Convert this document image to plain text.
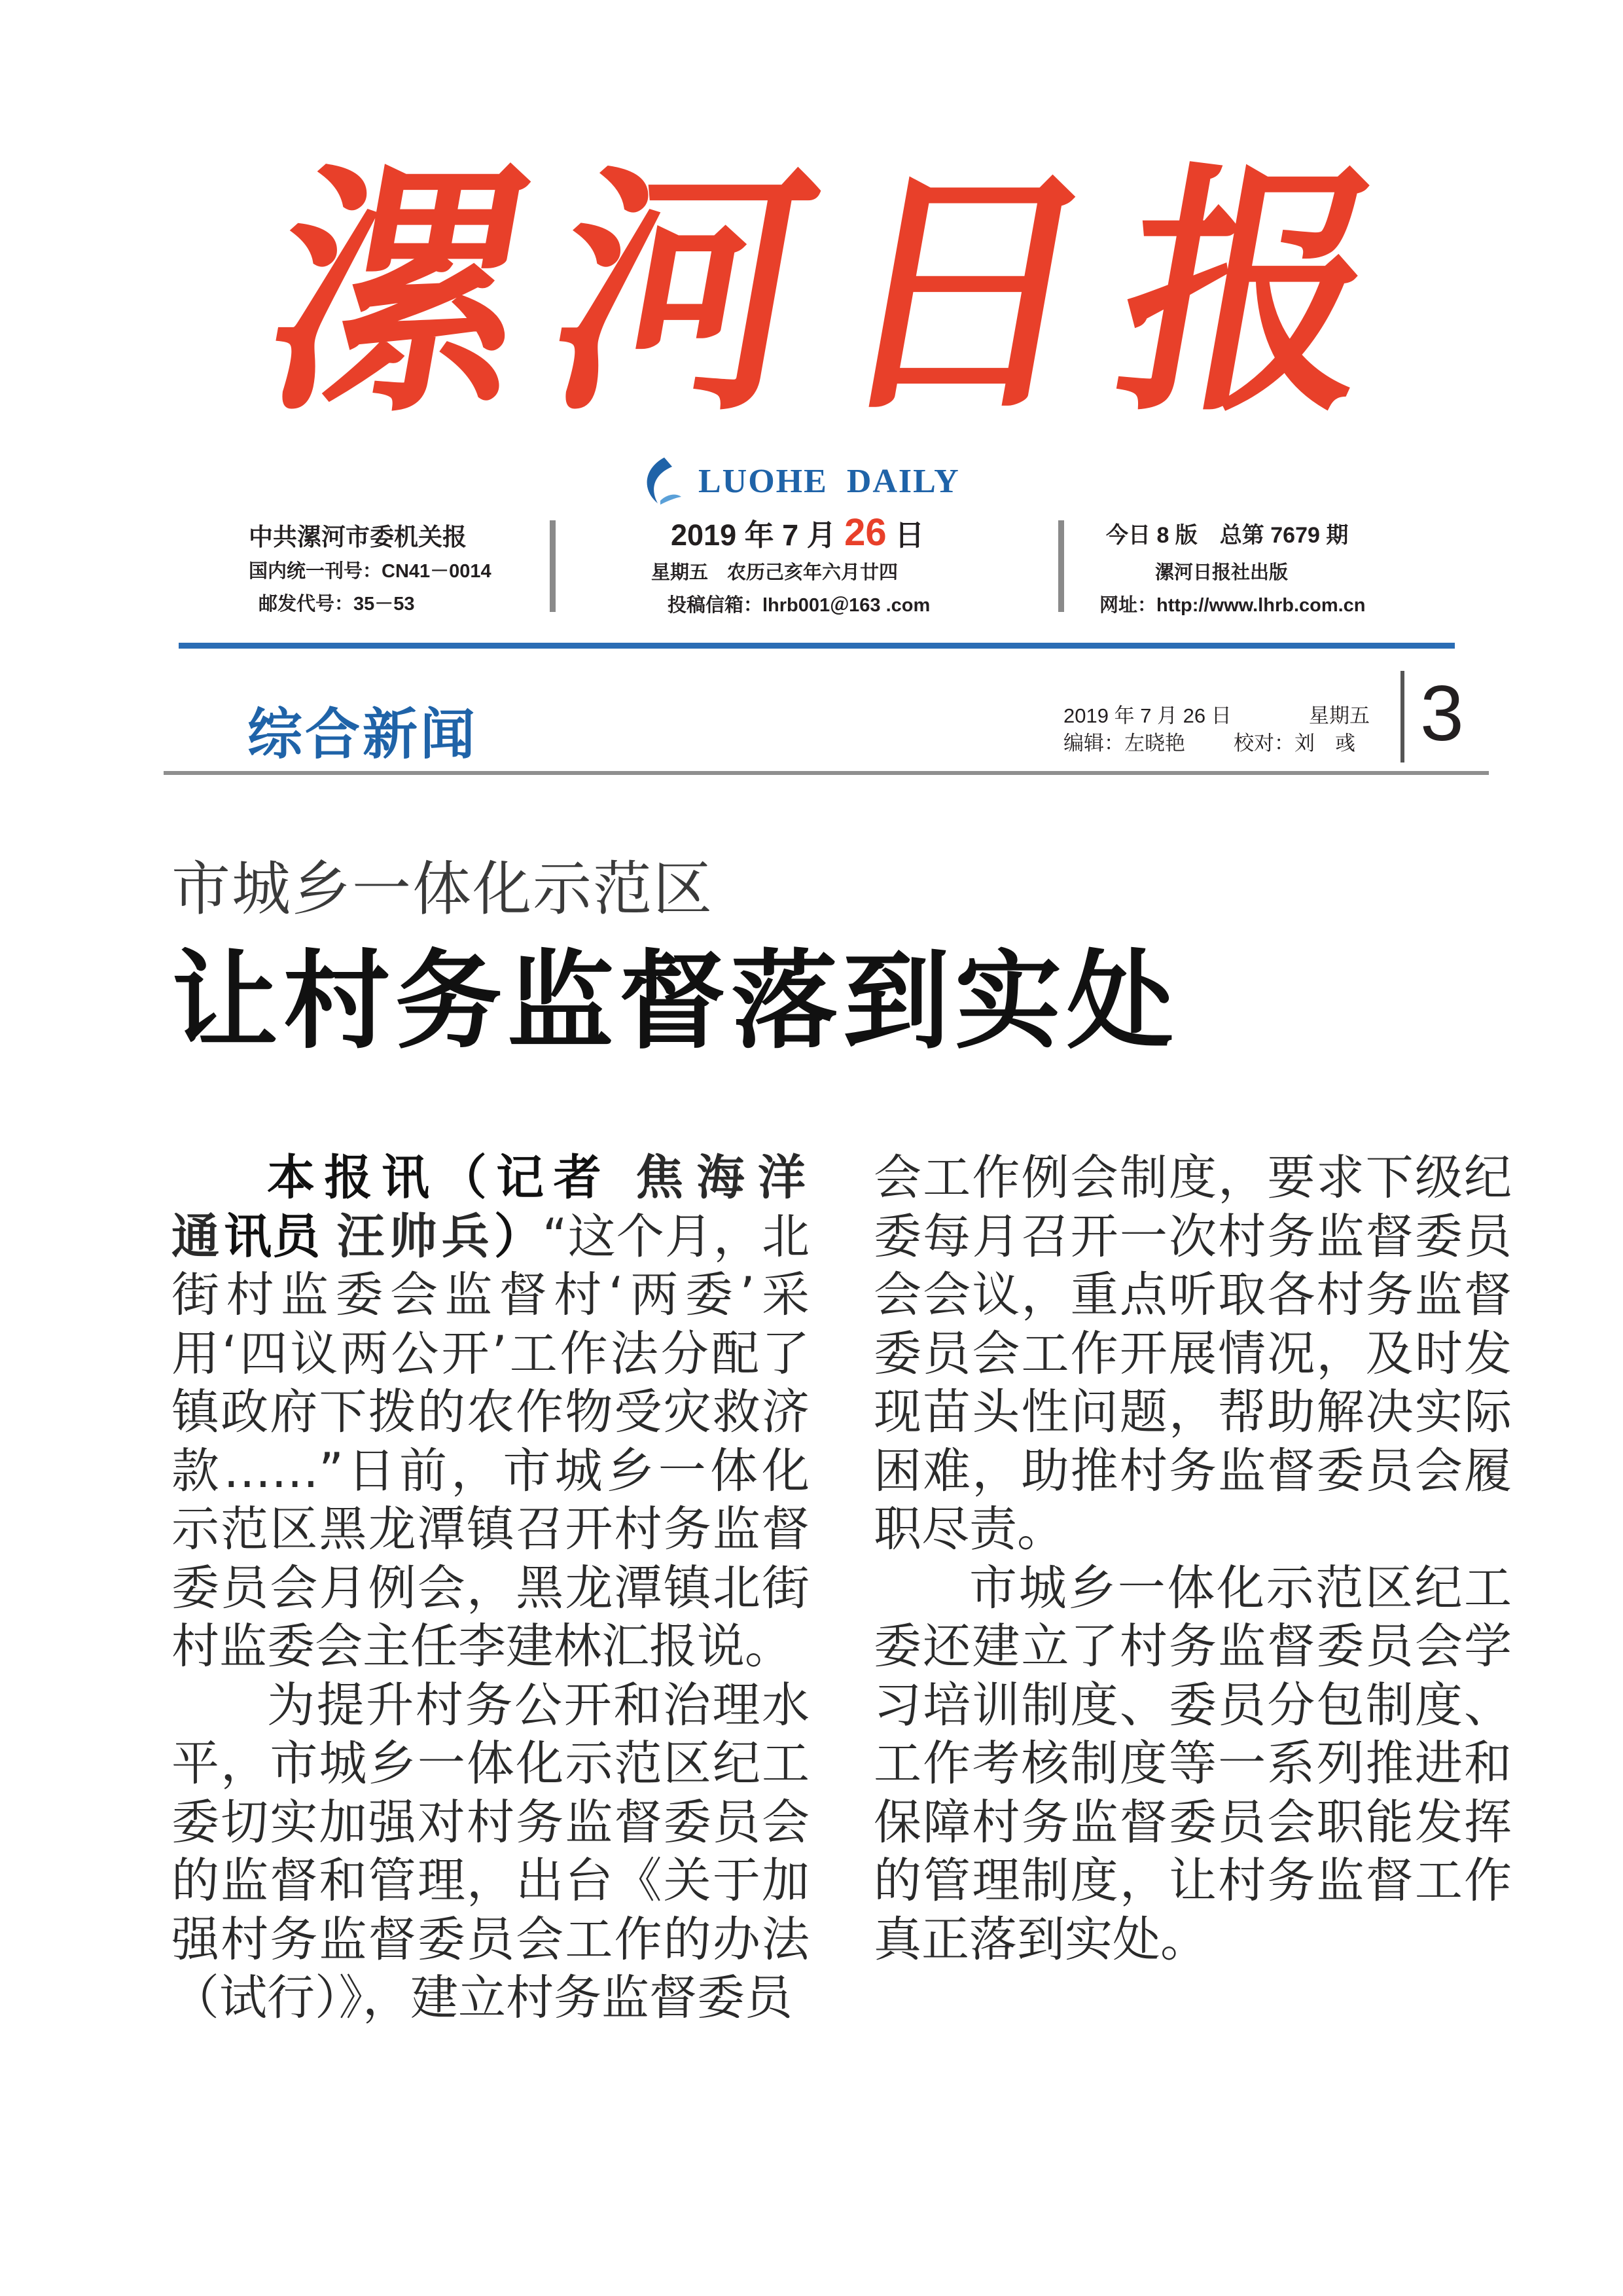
漯
河
日
报
LUOHE DAILY
中共漯河市委机关报
国内统一刊号：CN41－0014
邮发代号：35－53
2019 年 7 月 26 日
星期五　农历己亥年六月廿四
投稿信箱：lhrb001＠163 .com
今日 8 版　总第 7679 期
漯河日报社出版
网址：http://www.lhrb.com.cn
综合新闻	2019 年 7 月 26 日	星期五
编辑：左晓艳 校对：刘　彧 3
市城乡一体化示范区
让村务监督落到实处

本报讯（记者 焦海洋　通讯员 汪帅兵）“这个月，北街村监委会监督村‘两委’采用‘四议两公开’工作法分配了镇政府下拨的农作物受灾救济款……”日前，市城乡一体化示范区黑龙潭镇召开村务监督委员会月例会，黑龙潭镇北街村监委会主任李建林汇报说。

为提升村务公开和治理水平，市城乡一体化示范区纪工委切实加强对村务监督委员会的监督和管理，出台《关于加强村务监督委员会工作的办法（试行）》，建立村务监督委员

会工作例会制度，要求下级纪委每月召开一次村务监督委员会会议，重点听取各村务监督委员会工作开展情况，及时发现苗头性问题，帮助解决实际困难，助推村务监督委员会履职尽责。

市城乡一体化示范区纪工委还建立了村务监督委员会学习培训制度、委员分包制度、工作考核制度等一系列推进和保障村务监督委员会职能发挥的管理制度，让村务监督工作真正落到实处。
